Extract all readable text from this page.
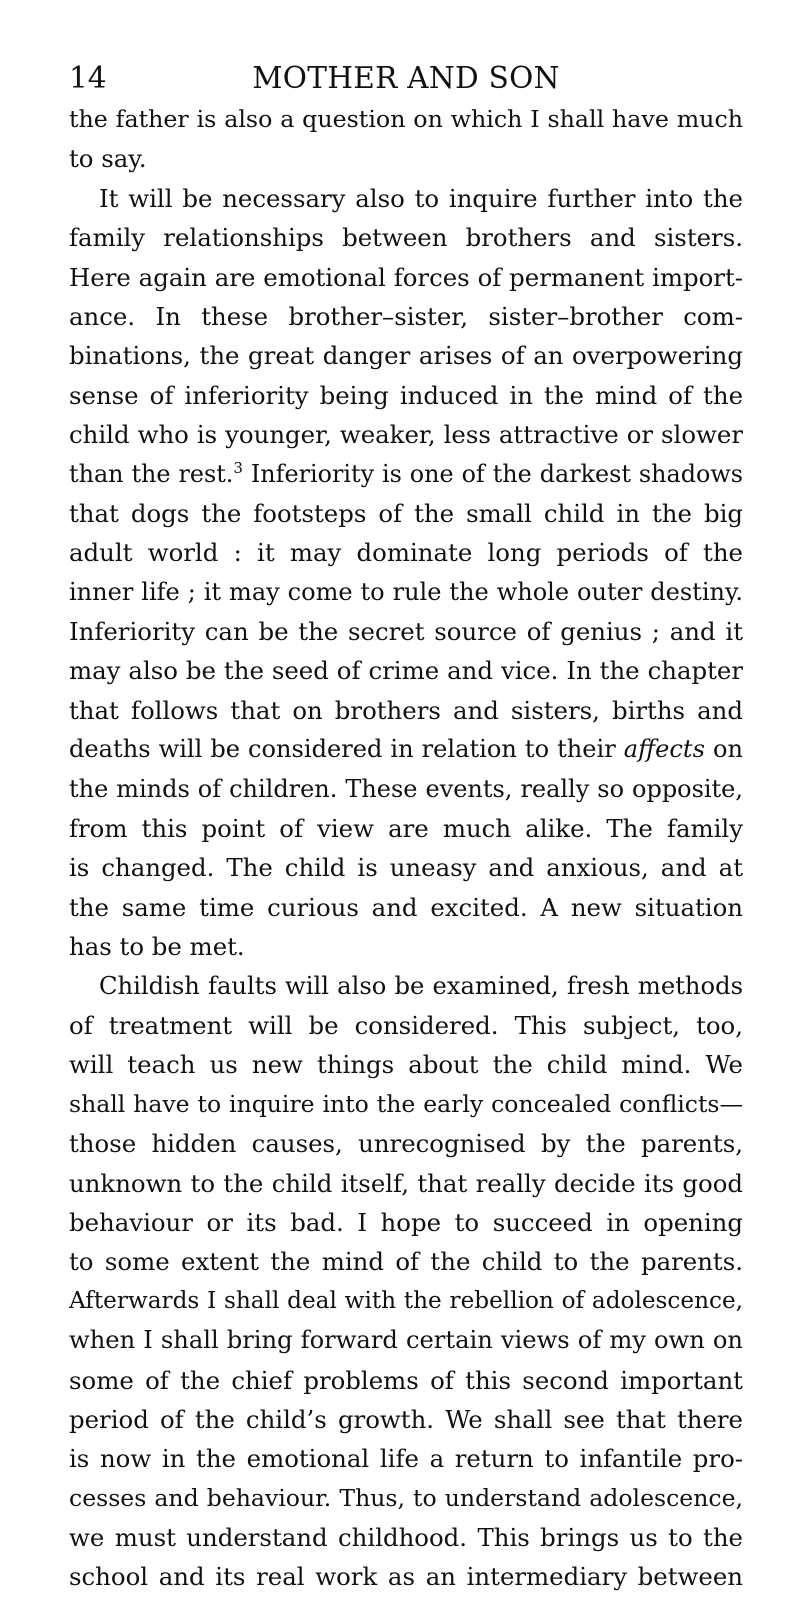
14	MOTHER AND SON
the father is also a question on which I shall have much
to say.
It will be necessary also to inquire further into the
family relationships between brothers and sisters.
Here again are emotional forces of permanent import-
ance. In these brother–sister, sister–brother com-
binations, the great danger arises of an overpowering
sense of inferiority being induced in the mind of the
child who is younger, weaker, less attractive or slower
than the rest.$^3$ Inferiority is one of the darkest shadows
that dogs the footsteps of the small child in the big
adult world : it may dominate long periods of the
inner life ; it may come to rule the whole outer destiny.
Inferiority can be the secret source of genius ; and it
may also be the seed of crime and vice. In the chapter
that follows that on brothers and sisters, births and
deaths will be considered in relation to their affects on
the minds of children. These events, really so opposite,
from this point of view are much alike. The family
is changed. The child is uneasy and anxious, and at
the same time curious and excited. A new situation
has to be met.
Childish faults will also be examined, fresh methods
of treatment will be considered. This subject, too,
will teach us new things about the child mind. We
shall have to inquire into the early concealed conflicts—
those hidden causes, unrecognised by the parents,
unknown to the child itself, that really decide its good
behaviour or its bad. I hope to succeed in opening
to some extent the mind of the child to the parents.
Afterwards I shall deal with the rebellion of adolescence,
when I shall bring forward certain views of my own on
some of the chief problems of this second important
period of the child’s growth. We shall see that there
is now in the emotional life a return to infantile pro-
cesses and behaviour. Thus, to understand adolescence,
we must understand childhood. This brings us to the
school and its real work as an intermediary between
